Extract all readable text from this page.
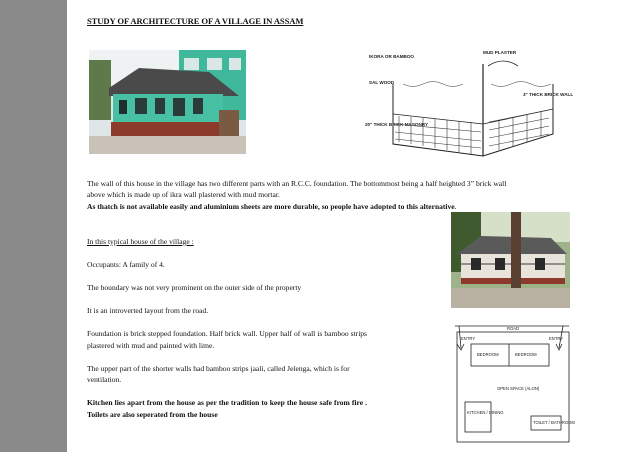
STUDY OF ARCHITECTURE OF A VILLAGE IN ASSAM
IKORA OR BAMBOO
SAL WOOD
20" THICK BRICK MASONRY
MUD PLASTER
3" THICK BRICK WALL

The wall of this house in the village has two different parts with an R.C.C. foundation. The bottommost being a half heighted 3” brick wall
above which is made up of ikra wall plastered with mud mortar.
As thatch is not available easily and aluminium sheets are more durable, so people have adopted to this alternative.

In this typical house of the village :

Occupants: A family of 4.

The boundary was not very prominent on the outer side of the property

It is an introverted layout from the road.

Foundation is brick stepped foundation. Half brick wall. Upper half of wall is bamboo strips plastered with mud and painted with lime.

The upper part of the shorter walls had bamboo strips jaali, called Jelenga, which is for ventilation.

Kitchen lies apart from the house as per the tradition to keep the house safe from fire . Toilets are also seperated from the house

ROAD
ENTRY	ENTRY
BEDROOM	BEDROOM
OPEN SPACE (ALON)
KITCHEN / DINING
TOILET / BATHROOM
